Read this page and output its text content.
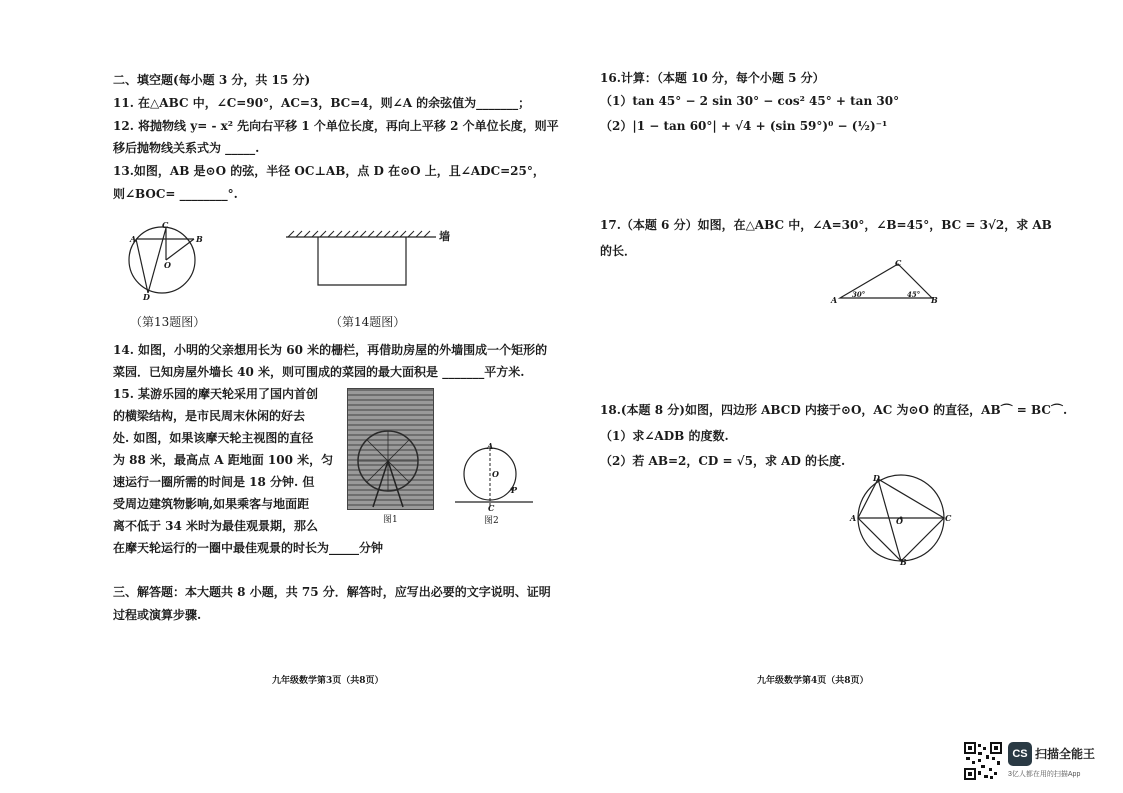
二、填空题(每小题 3 分，共 15 分)
11. 在△ABC 中，∠C=90°，AC=3，BC=4，则∠A 的余弦值为_______；
12. 将抛物线 y= - x² 先向右平移 1 个单位长度，再向上平移 2 个单位长度，则平
移后抛物线关系式为 _____.
13.如图，AB 是⊙O 的弦，半径 OC⊥AB，点 D 在⊙O 上，且∠ADC=25°，
则∠BOC= ________°.
A
C
B
O
D
（第13题图）
墙
（第14题图）
14. 如图，小明的父亲想用长为 60 米的栅栏，再借助房屋的外墙围成一个矩形的
菜园．已知房屋外墙长 40 米，则可围成的菜园的最大面积是 _______平方米.
15. 某游乐园的摩天轮采用了国内首创
的横梁结构，是市民周末休闲的好去
处. 如图，如果该摩天轮主视图的直径
为 88 米，最高点 A 距地面 100 米，匀
速运行一圈所需的时间是 18 分钟. 但
受周边建筑物影响,如果乘客与地面距
离不低于 34 米时为最佳观景期，那么
在摩天轮运行的一圈中最佳观景的时长为_____分钟
图1
A
O
P
C
图2
三、解答题：本大题共 8 小题，共 75 分．解答时，应写出必要的文字说明、证明
过程或演算步骤.
九年级数学第3页（共8页）
16.计算：（本题 10 分，每个小题 5 分）
（1）tan 45° − 2 sin 30° − cos² 45° + tan 30°
（2）|1 − tan 60°| + √4 + (sin 59°)⁰ − (½)⁻¹
17.（本题 6 分）如图，在△ABC 中，∠A=30°，∠B=45°，BC = 3√2，求 AB
的长．
C
A	B
30°	45°
18.(本题 8 分)如图，四边形 ABCD 内接于⊙O，AC 为⊙O 的直径，AB⌒ = BC⌒.
（1）求∠ADB 的度数.
（2）若 AB=2，CD = √5，求 AD 的长度.
D
A	O	C
B
九年级数学第4页（共8页）
CS 扫描全能王
3亿人都在用的扫描App
